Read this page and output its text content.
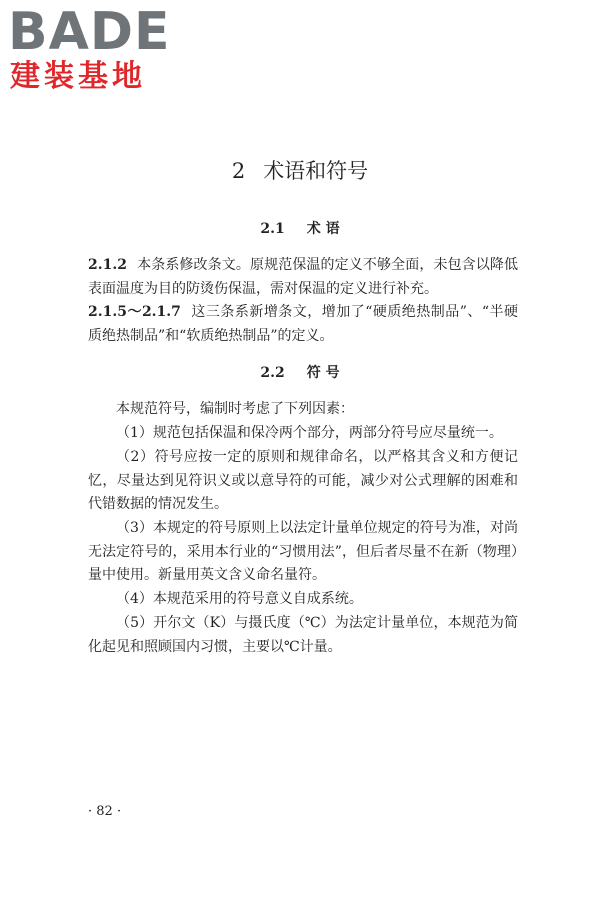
BADE
建装基地
2 术语和符号
2.1 术 语
2.1.2 本条系修改条文。原规范保温的定义不够全面，未包含以降低表面温度为目的防烫伤保温，需对保温的定义进行补充。
2.1.5～2.1.7 这三条系新增条文，增加了“硬质绝热制品”、“半硬质绝热制品”和“软质绝热制品”的定义。
2.2 符 号
本规范符号，编制时考虑了下列因素：
（1）规范包括保温和保冷两个部分，两部分符号应尽量统一。
（2）符号应按一定的原则和规律命名，以严格其含义和方便记忆，尽量达到见符识义或以意导符的可能，减少对公式理解的困难和代错数据的情况发生。
（3）本规定的符号原则上以法定计量单位规定的符号为准，对尚无法定符号的，采用本行业的“习惯用法”，但后者尽量不在新（物理）量中使用。新量用英文含义命名量符。
（4）本规范采用的符号意义自成系统。
（5）开尔文（K）与摄氏度（℃）为法定计量单位，本规范为简化起见和照顾国内习惯，主要以℃计量。
· 82 ·
